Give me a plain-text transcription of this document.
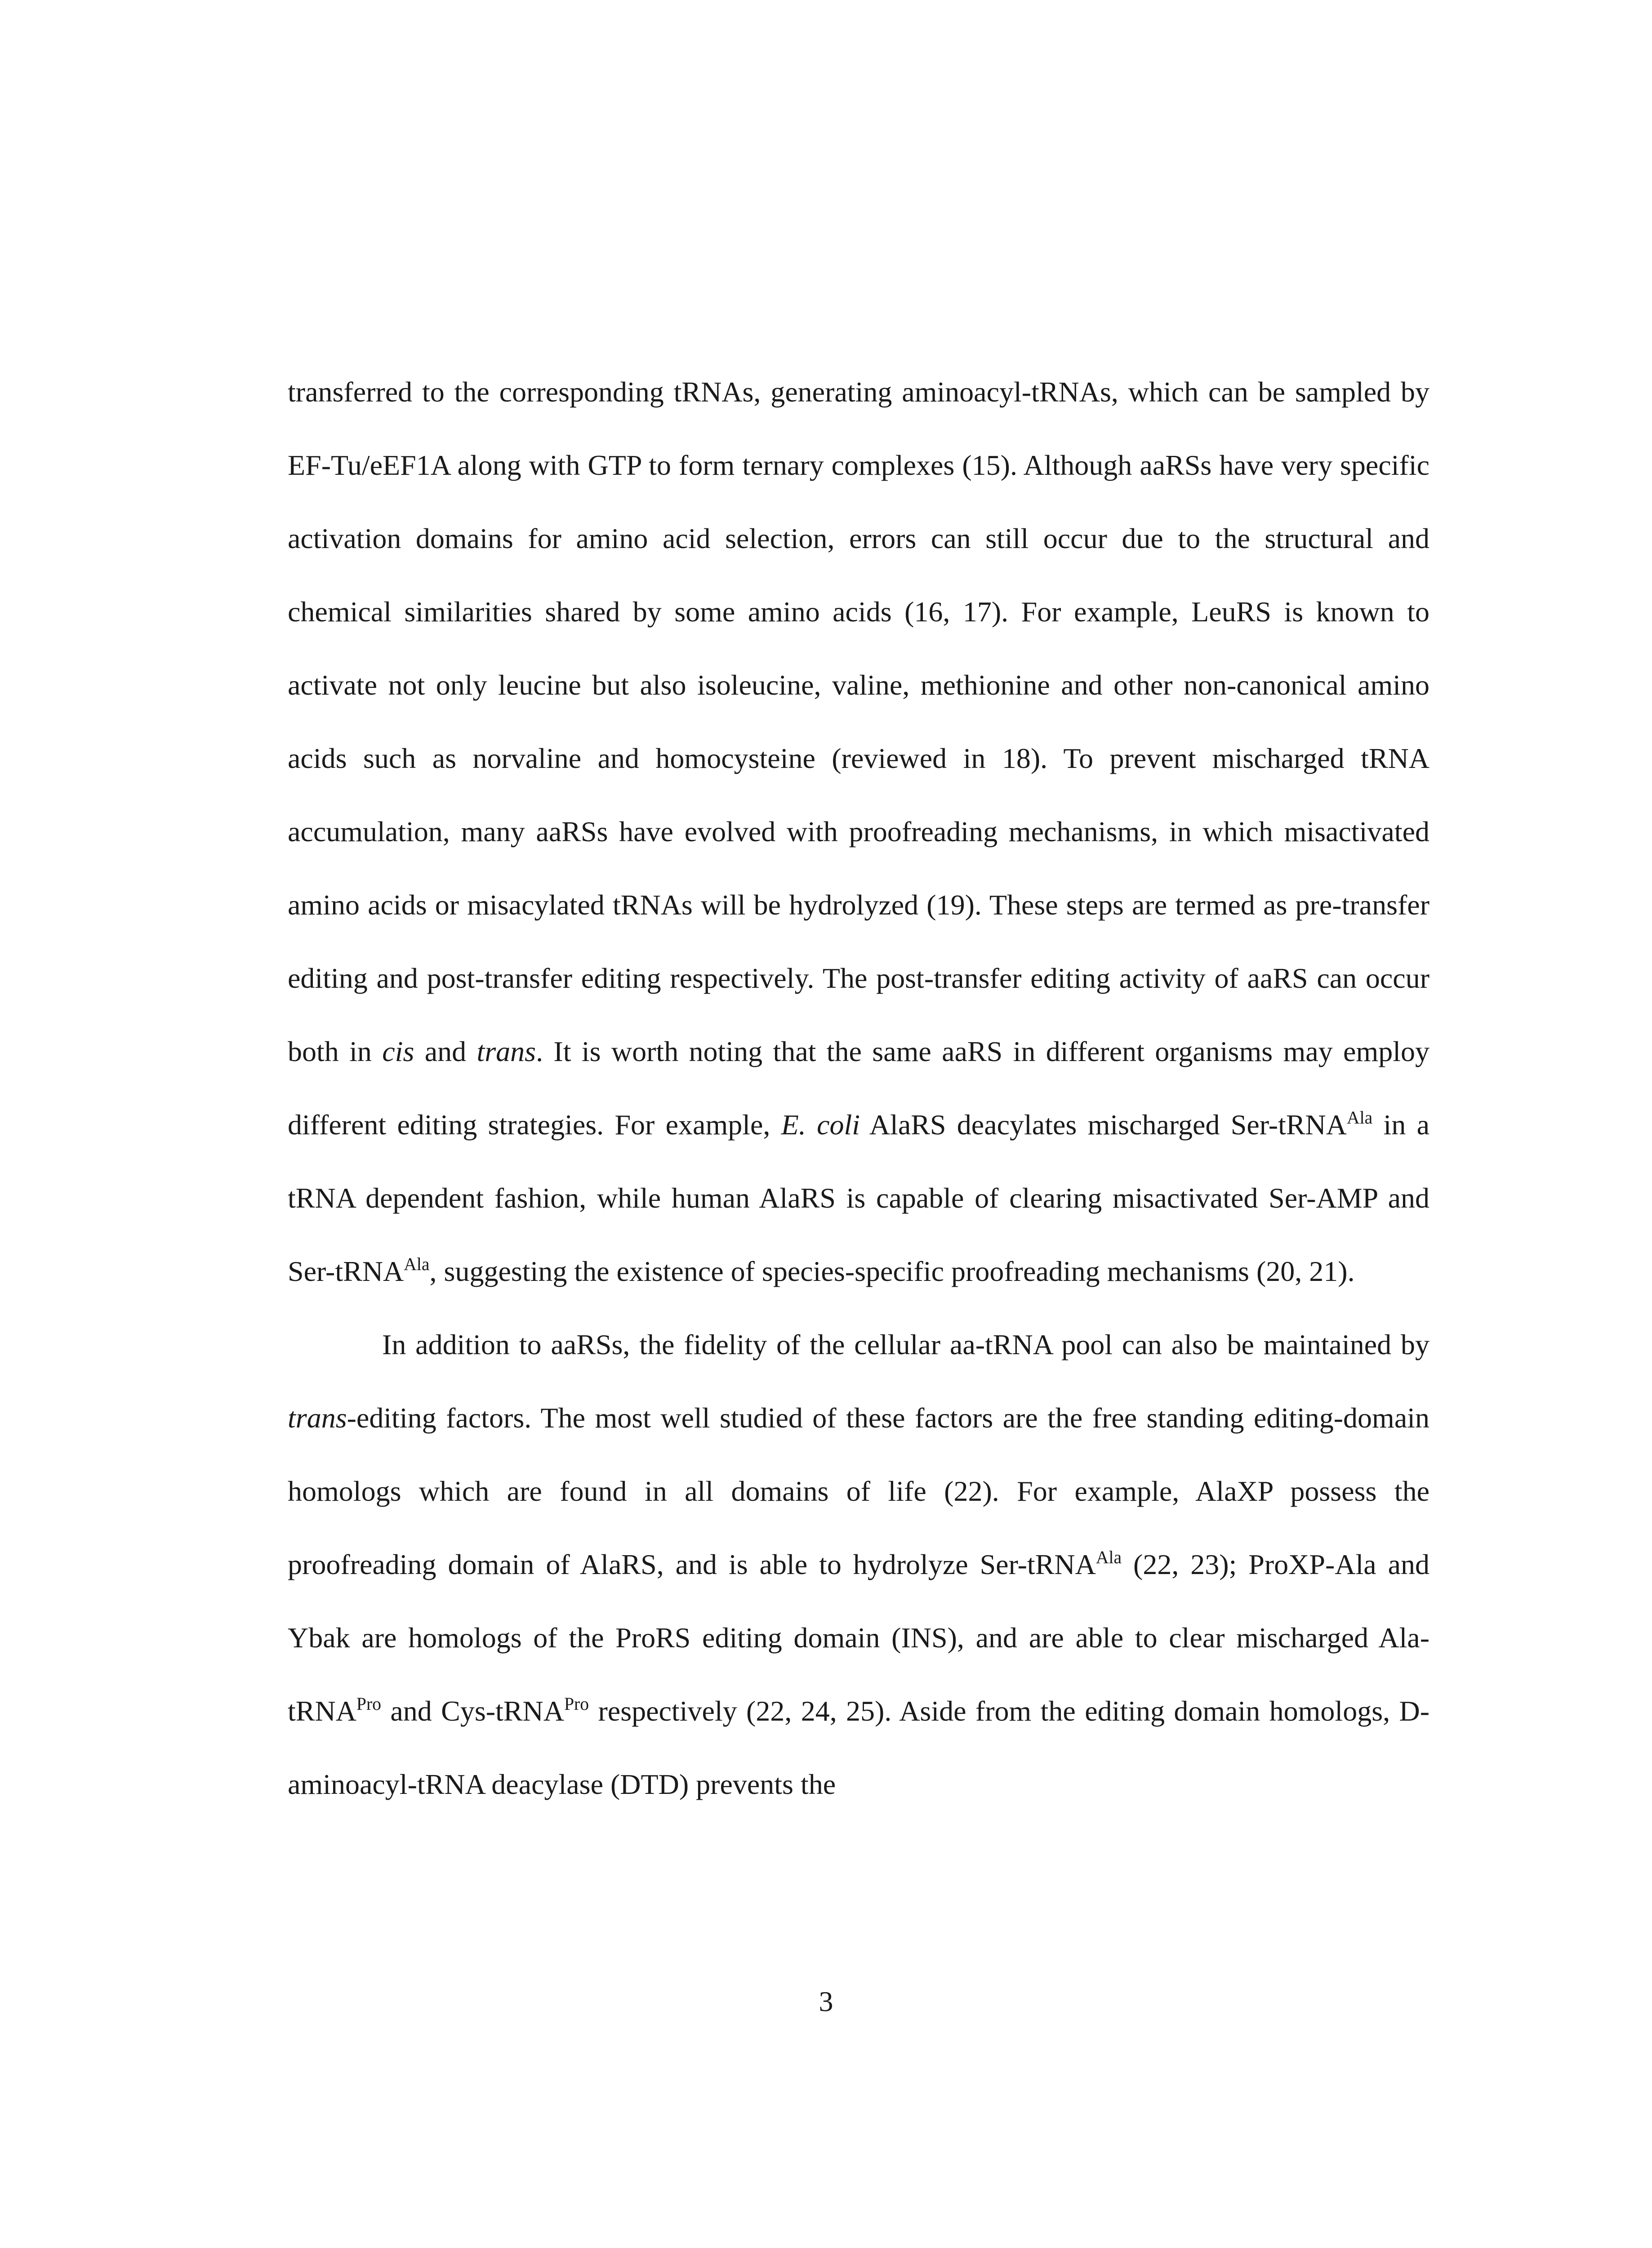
transferred to the corresponding tRNAs, generating aminoacyl-tRNAs, which can be sampled by EF-Tu/eEF1A along with GTP to form ternary complexes (15). Although aaRSs have very specific activation domains for amino acid selection, errors can still occur due to the structural and chemical similarities shared by some amino acids (16, 17). For example, LeuRS is known to activate not only leucine but also isoleucine, valine, methionine and other non-canonical amino acids such as norvaline and homocysteine (reviewed in 18). To prevent mischarged tRNA accumulation, many aaRSs have evolved with proofreading mechanisms, in which misactivated amino acids or misacylated tRNAs will be hydrolyzed (19). These steps are termed as pre-transfer editing and post-transfer editing respectively. The post-transfer editing activity of aaRS can occur both in cis and trans. It is worth noting that the same aaRS in different organisms may employ different editing strategies. For example, E. coli AlaRS deacylates mischarged Ser-tRNA$^{Ala}$ in a tRNA dependent fashion, while human AlaRS is capable of clearing misactivated Ser-AMP and Ser-tRNA$^{Ala}$, suggesting the existence of species-specific proofreading mechanisms (20, 21).

In addition to aaRSs, the fidelity of the cellular aa-tRNA pool can also be maintained by trans-editing factors. The most well studied of these factors are the free standing editing-domain homologs which are found in all domains of life (22). For example, AlaXP possess the proofreading domain of AlaRS, and is able to hydrolyze Ser-tRNA$^{Ala}$ (22, 23); ProXP-Ala and Ybak are homologs of the ProRS editing domain (INS), and are able to clear mischarged Ala-tRNA$^{Pro}$ and Cys-tRNA$^{Pro}$ respectively (22, 24, 25). Aside from the editing domain homologs, D-aminoacyl-tRNA deacylase (DTD) prevents the

3
